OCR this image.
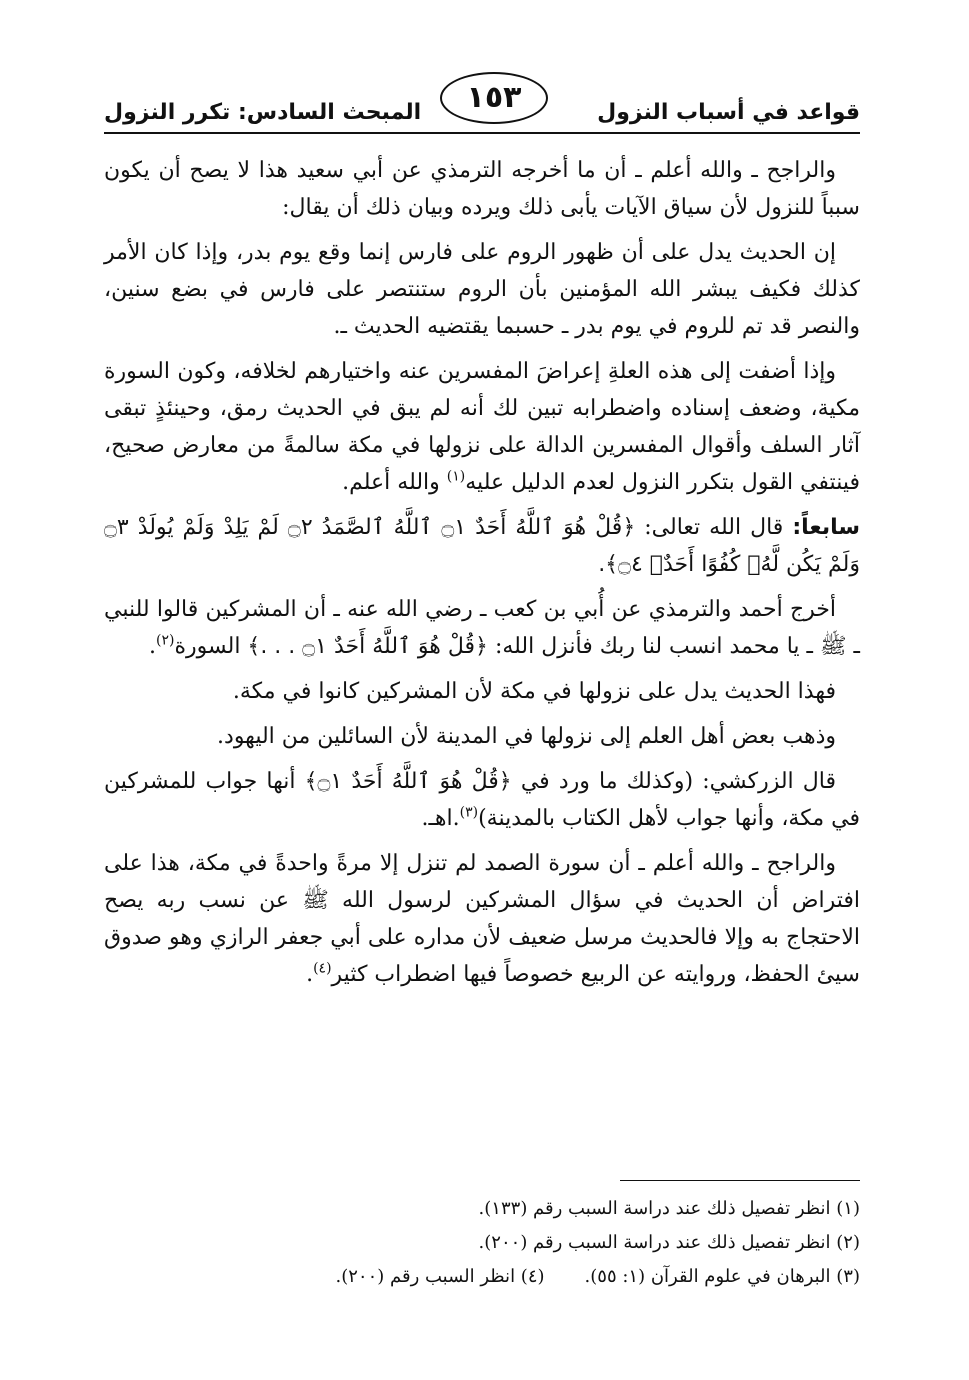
قواعد في أسباب النزول
١٥٣
المبحث السادس: تكرر النزول

والراجح ـ والله أعلم ـ أن ما أخرجه الترمذي عن أبي سعيد هذا لا يصح أن يكون سبباً للنزول لأن سياق الآيات يأبى ذلك ويرده وبيان ذلك أن يقال:

إن الحديث يدل على أن ظهور الروم على فارس إنما وقع يوم بدر، وإذا كان الأمر كذلك فكيف يبشر الله المؤمنين بأن الروم ستنتصر على فارس في بضع سنين، والنصر قد تم للروم في يوم بدر ـ حسبما يقتضيه الحديث ـ.

وإذا أضفت إلى هذه العلةِ إعراضَ المفسرين عنه واختيارهم لخلافه، وكون السورة مكية، وضعف إسناده واضطرابه تبين لك أنه لم يبق في الحديث رمق، وحينئذٍ تبقى آثار السلف وأقوال المفسرين الدالة على نزولها في مكة سالمةً من معارض صحيح، فينتفي القول بتكرر النزول لعدم الدليل عليه$^{(١)}$ والله أعلم.

سابعاً: قال الله تعالى: ﴿قُلْ هُوَ ٱللَّهُ أَحَدٌ ۝١ ٱللَّهُ ٱلصَّمَدُ ۝٢ لَمْ يَلِدْ وَلَمْ يُولَدْ ۝٣ وَلَمْ يَكُن لَّهُۥ كُفُوًا أَحَدٌۢ ۝٤﴾.

أخرج أحمد والترمذي عن أُبي بن كعب ـ رضي الله عنه ـ أن المشركين قالوا للنبي ـ ﷺ ـ يا محمد انسب لنا ربك فأنزل الله: ﴿قُلْ هُوَ ٱللَّهُ أَحَدٌ ۝١ . . .﴾ السورة$^{(٢)}$.

فهذا الحديث يدل على نزولها في مكة لأن المشركين كانوا في مكة.

وذهب بعض أهل العلم إلى نزولها في المدينة لأن السائلين من اليهود.

قال الزركشي: (وكذلك ما ورد في ﴿قُلْ هُوَ ٱللَّهُ أَحَدٌ ۝١﴾ أنها جواب للمشركين في مكة، وأنها جواب لأهل الكتاب بالمدينة)$^{(٣)}$.اهـ.

والراجح ـ والله أعلم ـ أن سورة الصمد لم تنزل إلا مرةً واحدةً في مكة، هذا على افتراض أن الحديث في سؤال المشركين لرسول الله ﷺ عن نسب ربه يصح الاحتجاج به وإلا فالحديث مرسل ضعيف لأن مداره على أبي جعفر الرازي وهو صدوق سيئ الحفظ، وروايته عن الربيع خصوصاً فيها اضطراب كثير$^{(٤)}$.

(١) انظر تفصيل ذلك عند دراسة السبب رقم (١٣٣).
(٢) انظر تفصيل ذلك عند دراسة السبب رقم (٢٠٠).
(٣) البرهان في علوم القرآن (١: ٥٥).
(٤) انظر السبب رقم (٢٠٠).
